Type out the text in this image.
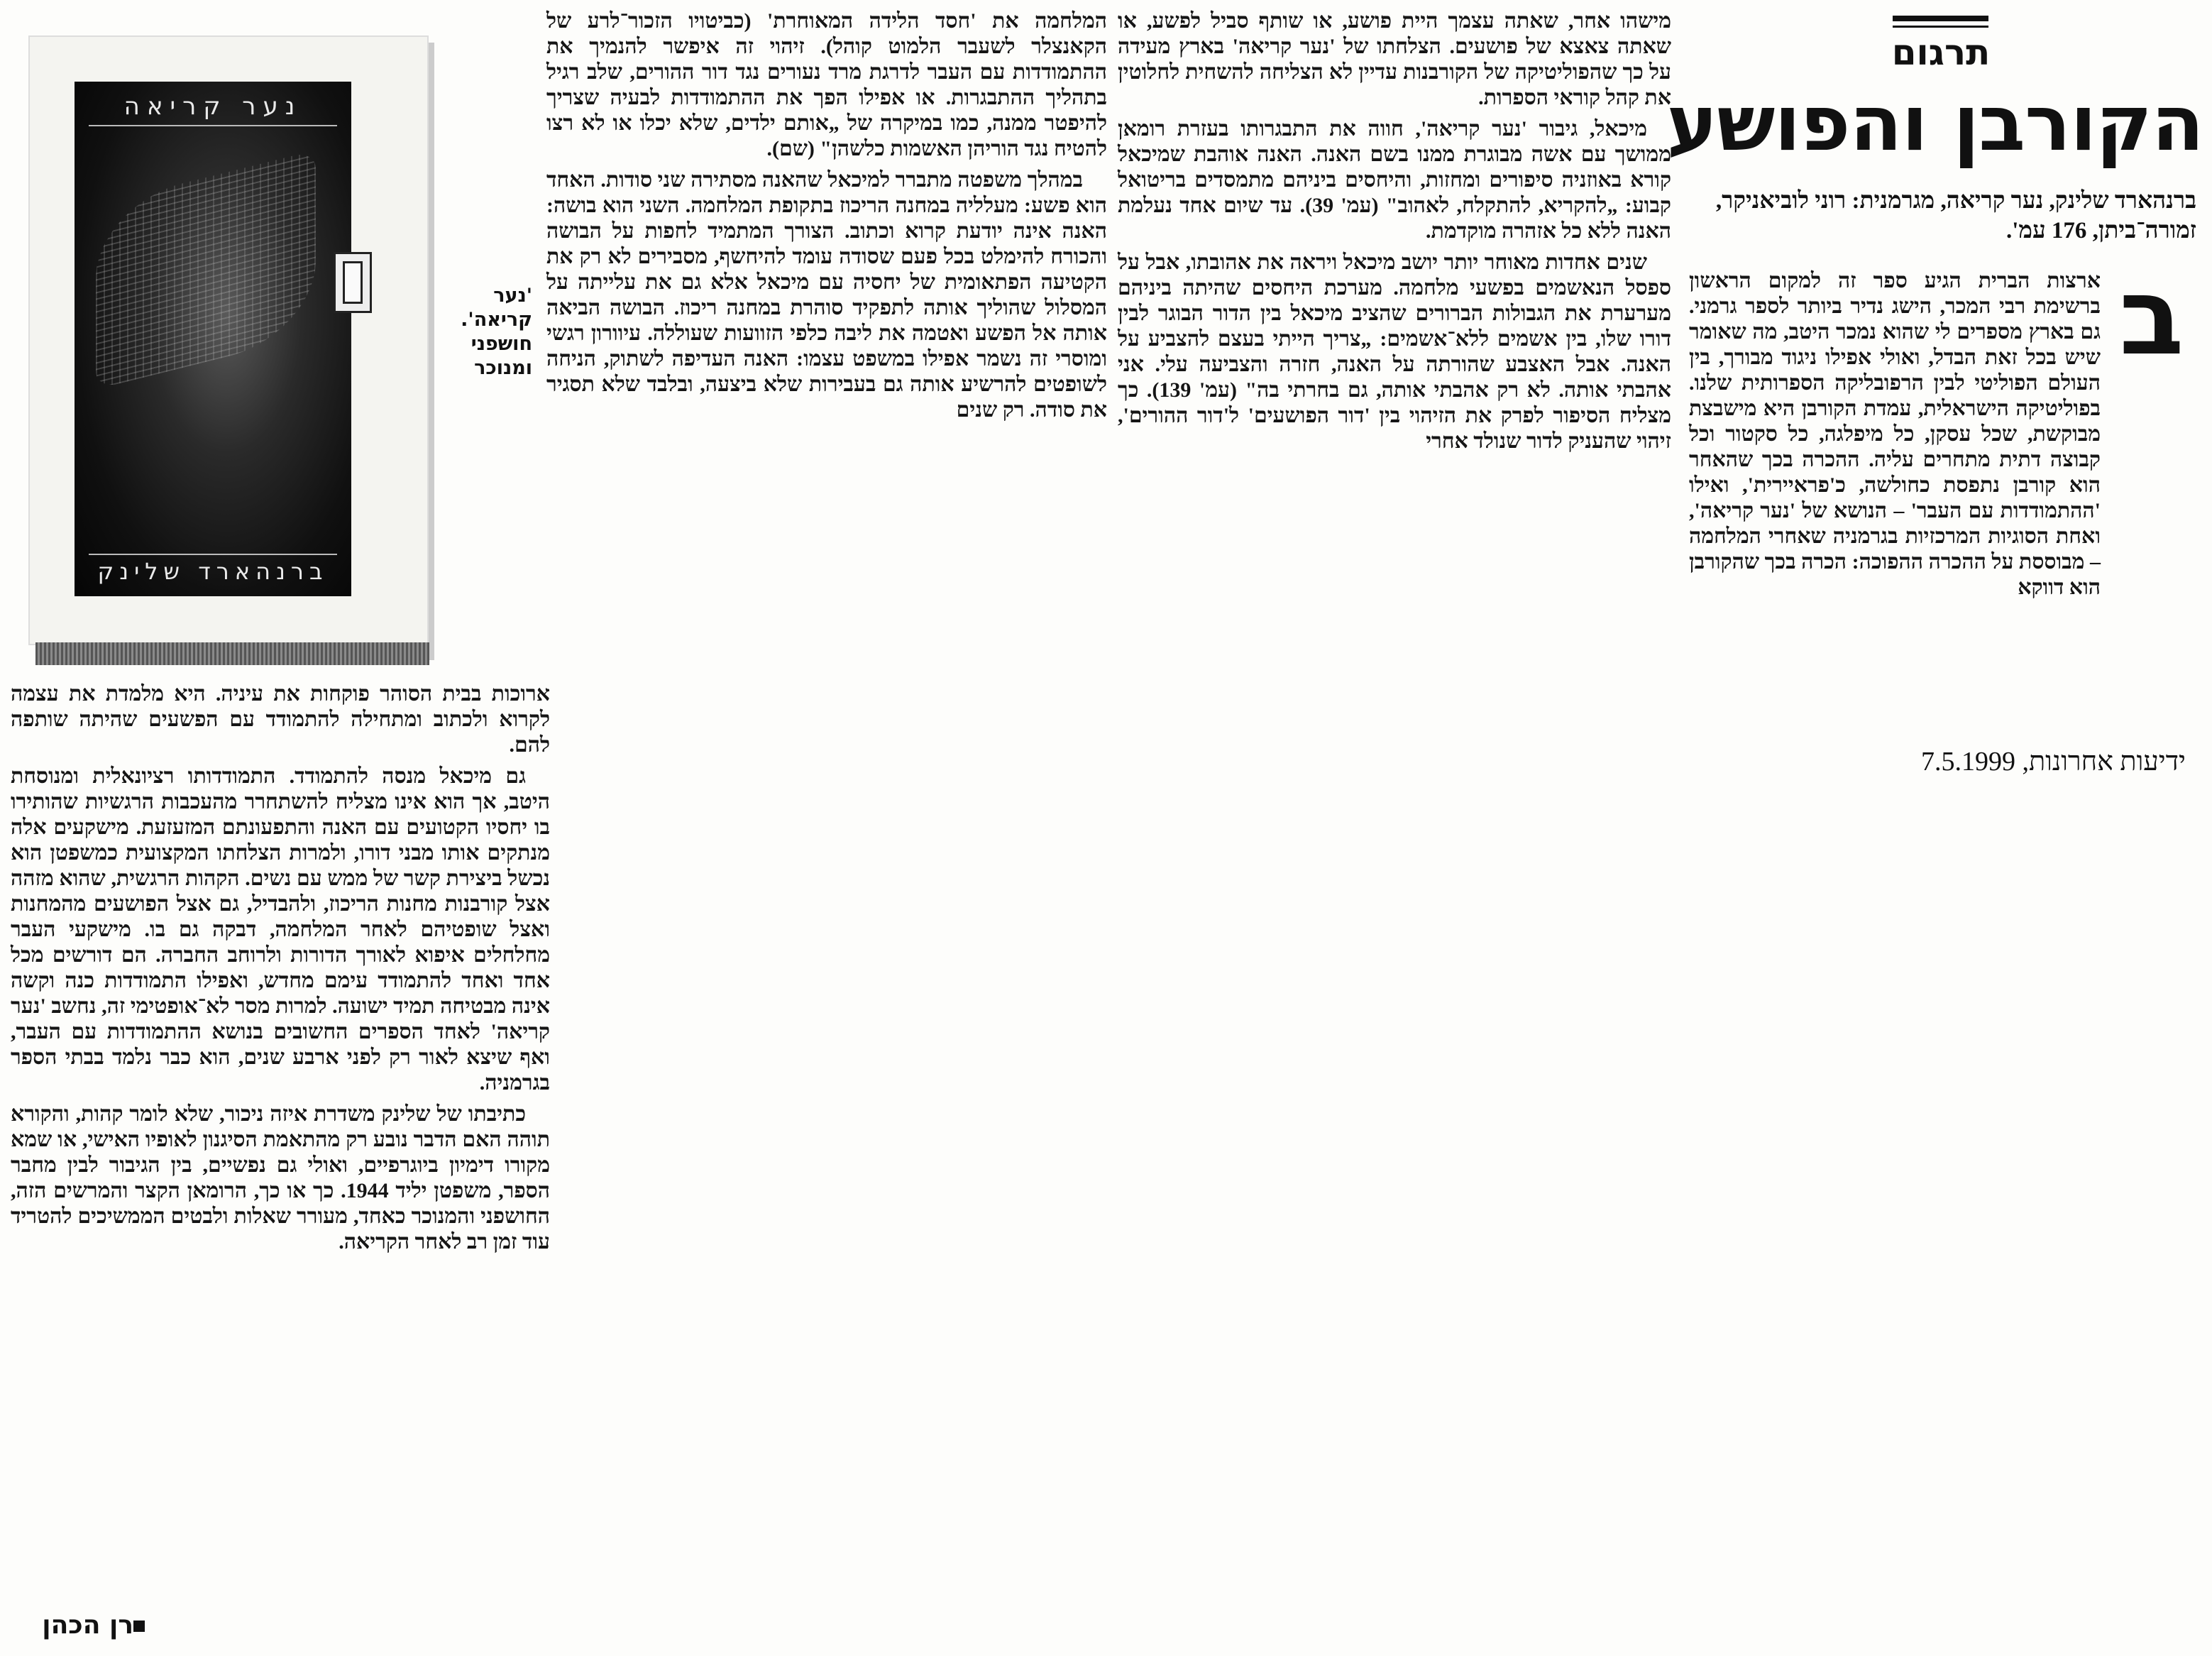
תרגום
הקורבן והפושע
ברנהארד שלינק, נער קריאה, מגרמנית: רוני לוביאניקר, זמורה־ביתן, 176 עמ'.
ב

ארצות הברית הגיע ספר זה למקום הראשון ברשימת רבי המכר, הישג נדיר ביותר לספר גרמני. גם בארץ מספרים לי שהוא נמכר היטב, מה שאומר שיש בכל זאת הבדל, ואולי אפילו ניגוד מבורך, בין העולם הפוליטי לבין הרפובליקה הספרותית שלנו. בפוליטיקה הישראלית, עמדת הקורבן היא מישבצת מבוקשת, שכל עסקן, כל מיפלגה, כל סקטור וכל קבוצה דתית מתחרים עליה. ההכרה בכך שהאחר הוא קורבן נתפסת כחולשה, כ'פראיירית', ואילו 'ההתמודדות עם העבר' – הנושא של 'נער קריאה', ואחת הסוגיות המרכזיות בגרמניה שאחרי המלחמה – מבוססת על ההכרה ההפוכה: הכרה בכך שהקורבן הוא דווקא

ידיעות אחרונות, 7.5.1999

מישהו אחר, שאתה עצמך היית פושע, או שותף סביל לפשע, או שאתה צאצא של פושעים. הצלחתו של 'נער קריאה' בארץ מעידה על כך שהפוליטיקה של הקורבנות עדיין לא הצליחה להשחית לחלוטין את קהל קוראי הספרות.

מיכאל, גיבור 'נער קריאה', חווה את התבגרותו בעזרת רומאן ממושך עם אשה מבוגרת ממנו בשם האנה. האנה אוהבת שמיכאל קורא באוזניה סיפורים ומחזות, והיחסים ביניהם מתמסדים בריטואל קבוע: „להקריא, להתקלח, לאהוב" (עמ' 39). עד שיום אחד נעלמת האנה ללא כל אזהרה מוקדמת.

שנים אחדות מאוחר יותר יושב מיכאל ויראה את אהובתו, אבל על ספסל הנאשמים בפשעי מלחמה. מערכת היחסים שהיתה ביניהם מערערת את הגבולות הברורים שהציב מיכאל בין הדור הבוגר לבין דורו שלו, בין אשמים ללא־אשמים: „צריך הייתי בעצם להצביע על האנה. אבל האצבע שהורתה על האנה, חזרה והצביעה עלי. אני אהבתי אותה. לא רק אהבתי אותה, גם בחרתי בה" (עמ' 139). כך מצליח הסיפור לפרק את הזיהוי בין 'דור הפושעים' ל'דור ההורים', זיהוי שהעניק לדור שנולד אחרי

המלחמה את 'חסד הלידה המאוחרת' (כביטויו הזכור־לרע של הקאנצלר לשעבר הלמוט קוהל). זיהוי זה איפשר להנמיך את ההתמודדות עם העבר לדרגת מרד נעורים נגד דור ההורים, שלב רגיל בתהליך ההתבגרות. או אפילו הפך את ההתמודדות לבעיה שצריך להיפטר ממנה, כמו במיקרה של „אותם ילדים, שלא יכלו או לא רצו להטיח נגד הוריהן האשמות כלשהן" (שם).

במהלך משפטה מתברר למיכאל שהאנה מסתירה שני סודות. האחד הוא פשע: מעלליה במחנה הריכוז בתקופת המלחמה. השני הוא בושה: האנה אינה יודעת קרוא וכתוב. הצורך המתמיד לחפות על הבושה והכורח להימלט בכל פעם שסודה עומד להיחשף, מסבירים לא רק את הקטיעה הפתאומית של יחסיה עם מיכאל אלא גם את עלייתה על המסלול שהוליך אותה לתפקיד סוהרת במחנה ריכוז. הבושה הביאה אותה אל הפשע ואטמה את ליבה כלפי הזוועות שעוללה. עיוורון רגשי ומוסרי זה נשמר אפילו במשפט עצמו: האנה העדיפה לשתוק, הניחה לשופטים להרשיע אותה גם בעבירות שלא ביצעה, ובלבד שלא תסגיר את סודה. רק שנים

נער קריאה
ברנהארד שלינק
'נער קריאה'. חושפני ומנוכר

ארוכות בבית הסוהר פוקחות את עיניה. היא מלמדת את עצמה לקרוא ולכתוב ומתחילה להתמודד עם הפשעים שהיתה שותפה להם.

גם מיכאל מנסה להתמודד. התמודדותו רציונאלית ומנוסחת היטב, אך הוא אינו מצליח להשתחרר מהעכבות הרגשיות שהותירו בו יחסיו הקטועים עם האנה והתפעונתם המזעזעת. מישקעים אלה מנתקים אותו מבני דורו, ולמרות הצלחתו המקצועית כמשפטן הוא נכשל ביצירת קשר של ממש עם נשים. הקהות הרגשית, שהוא מזהה אצל קורבנות מחנות הריכוז, ולהבדיל, גם אצל הפושעים מהמחנות ואצל שופטיהם לאחר המלחמה, דבקה גם בו. מישקעי העבר מחלחלים איפוא לאורך הדורות ולרוחב החברה. הם דורשים מכל אחד ואחד להתמודד עימם מחדש, ואפילו התמודדות כנה וקשה אינה מבטיחה תמיד ישועה. למרות מסר לא־אופטימי זה, נחשב 'נער קריאה' לאחד הספרים החשובים בנושא ההתמודדות עם העבר, ואף שיצא לאור רק לפני ארבע שנים, הוא כבר נלמד בבתי הספר בגרמניה.

כתיבתו של שלינק משדרת איזה ניכור, שלא לומר קהות, והקורא תוהה האם הדבר נובע רק מהתאמת הסיגנון לאופיו האישי, או שמא מקורו דימיון ביוגרפיים, ואולי גם נפשיים, בין הגיבור לבין מחבר הספר, משפטן יליד 1944. כך או כך, הרומאן הקצר והמרשים הזה, החושפני והמנוכר כאחד, מעורר שאלות ולבטים הממשיכים להטריד עוד זמן רב לאחר הקריאה.

רן הכהן
